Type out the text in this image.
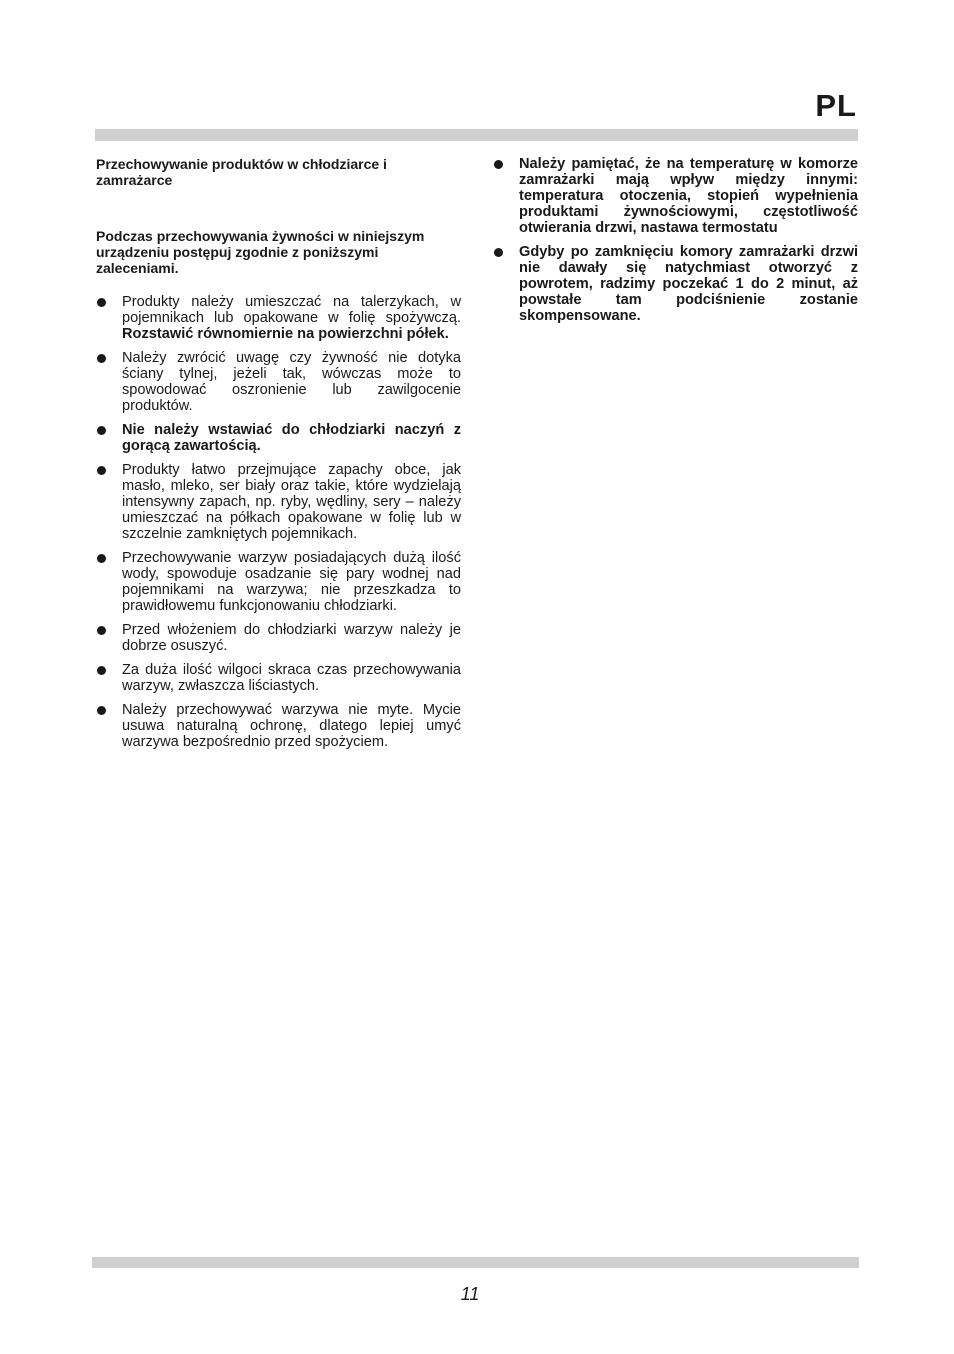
PL

Przechowywanie produktów w chłodziarce i zamrażarce

Podczas przechowywania żywności w niniejszym urządzeniu postępuj zgodnie z poniższymi zaleceniami.

Produkty należy umieszczać na talerzykach, w pojemnikach lub opakowane w folię spożywczą. Rozstawić równomiernie na powierzchni półek.
Należy zwrócić uwagę czy żywność nie dotyka ściany tylnej, jeżeli tak, wówczas może to spowodować oszronienie lub zawilgocenie produktów.
Nie należy wstawiać do chłodziarki naczyń z gorącą zawartością.
Produkty łatwo przejmujące zapachy obce, jak masło, mleko, ser biały oraz takie, które wydzielają intensywny zapach, np. ryby, wędliny, sery – należy umieszczać na półkach opakowane w folię lub w szczelnie zamkniętych pojemnikach.
Przechowywanie warzyw posiadających dużą ilość wody, spowoduje osadzanie się pary wodnej nad pojemnikami na warzywa; nie przeszkadza to prawidłowemu funkcjonowaniu chłodziarki.
Przed włożeniem do chłodziarki warzyw należy je dobrze osuszyć.
Za duża ilość wilgoci skraca czas przechowywania warzyw, zwłaszcza liściastych.
Należy przechowywać warzywa nie myte. Mycie usuwa naturalną ochronę, dlatego lepiej umyć warzywa bezpośrednio przed spożyciem.
Należy pamiętać, że na temperaturę w komorze zamrażarki mają wpływ między innymi: temperatura otoczenia, stopień wypełnienia produktami żywnościowymi, częstotliwość otwierania drzwi, nastawa termostatu
Gdyby po zamknięciu komory zamrażarki drzwi nie dawały się natychmiast otworzyć z powrotem, radzimy poczekać 1 do 2 minut, aż powstałe tam podciśnienie zostanie skompensowane.
11
